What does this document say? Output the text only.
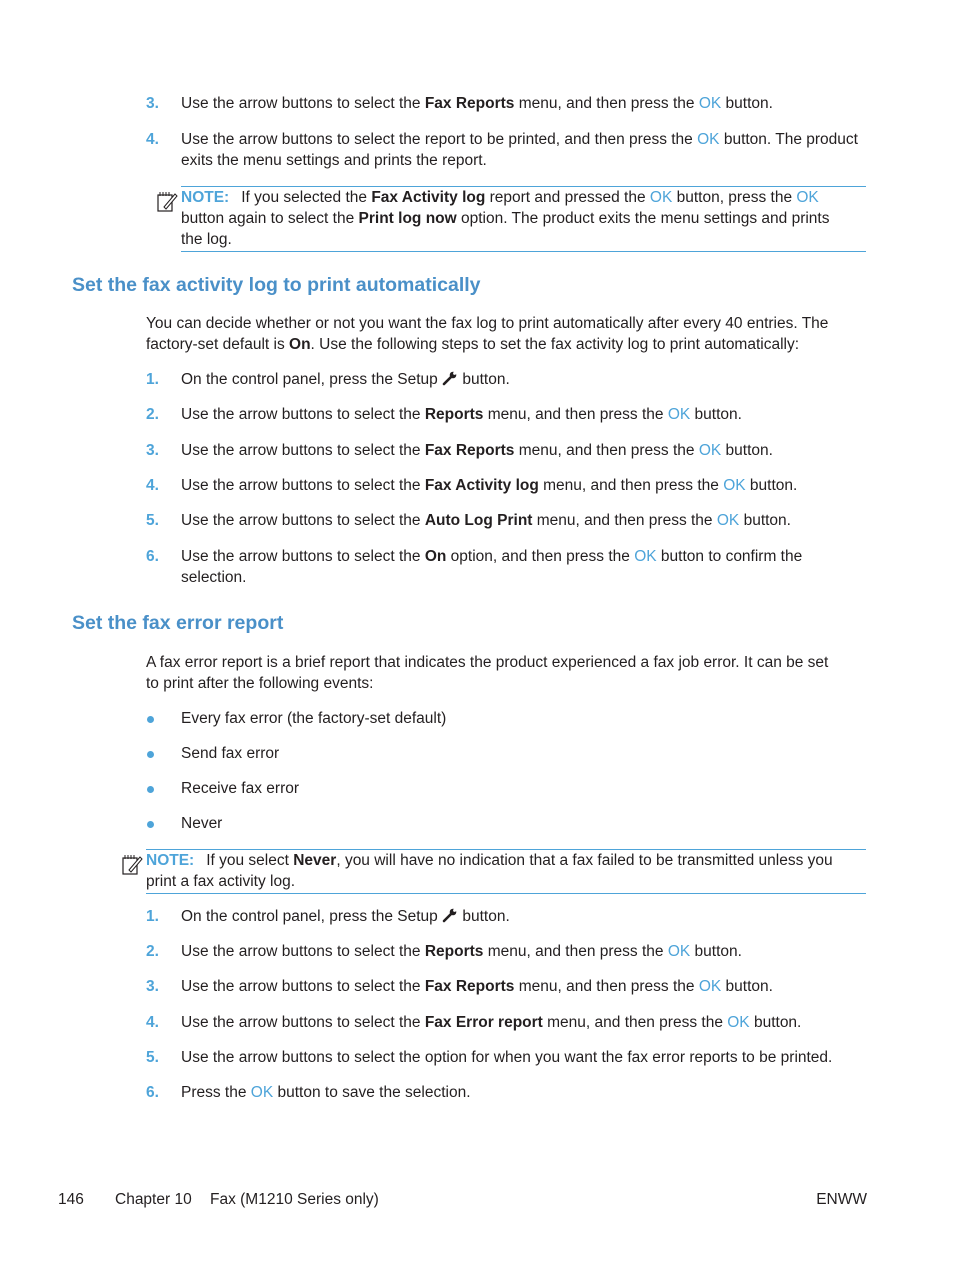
3. Use the arrow buttons to select the Fax Reports menu, and then press the OK button.
4. Use the arrow buttons to select the report to be printed, and then press the OK button. The product
exits the menu settings and prints the report.
NOTE: If you selected the Fax Activity log report and pressed the OK button, press the OK
button again to select the Print log now option. The product exits the menu settings and prints
the log.
Set the fax activity log to print automatically
You can decide whether or not you want the fax log to print automatically after every 40 entries. The
factory-set default is On. Use the following steps to set the fax activity log to print automatically:
1. On the control panel, press the Setup  button.
2. Use the arrow buttons to select the Reports menu, and then press the OK button.
3. Use the arrow buttons to select the Fax Reports menu, and then press the OK button.
4. Use the arrow buttons to select the Fax Activity log menu, and then press the OK button.
5. Use the arrow buttons to select the Auto Log Print menu, and then press the OK button.
6. Use the arrow buttons to select the On option, and then press the OK button to confirm the
selection.
Set the fax error report
A fax error report is a brief report that indicates the product experienced a fax job error. It can be set
to print after the following events:
Every fax error (the factory-set default)
Send fax error
Receive fax error
Never
NOTE: If you select Never, you will have no indication that a fax failed to be transmitted unless you
print a fax activity log.
1. On the control panel, press the Setup  button.
2. Use the arrow buttons to select the Reports menu, and then press the OK button.
3. Use the arrow buttons to select the Fax Reports menu, and then press the OK button.
4. Use the arrow buttons to select the Fax Error report menu, and then press the OK button.
5. Use the arrow buttons to select the option for when you want the fax error reports to be printed.
6. Press the OK button to save the selection.
146 Chapter 10 Fax (M1210 Series only)	ENWW
